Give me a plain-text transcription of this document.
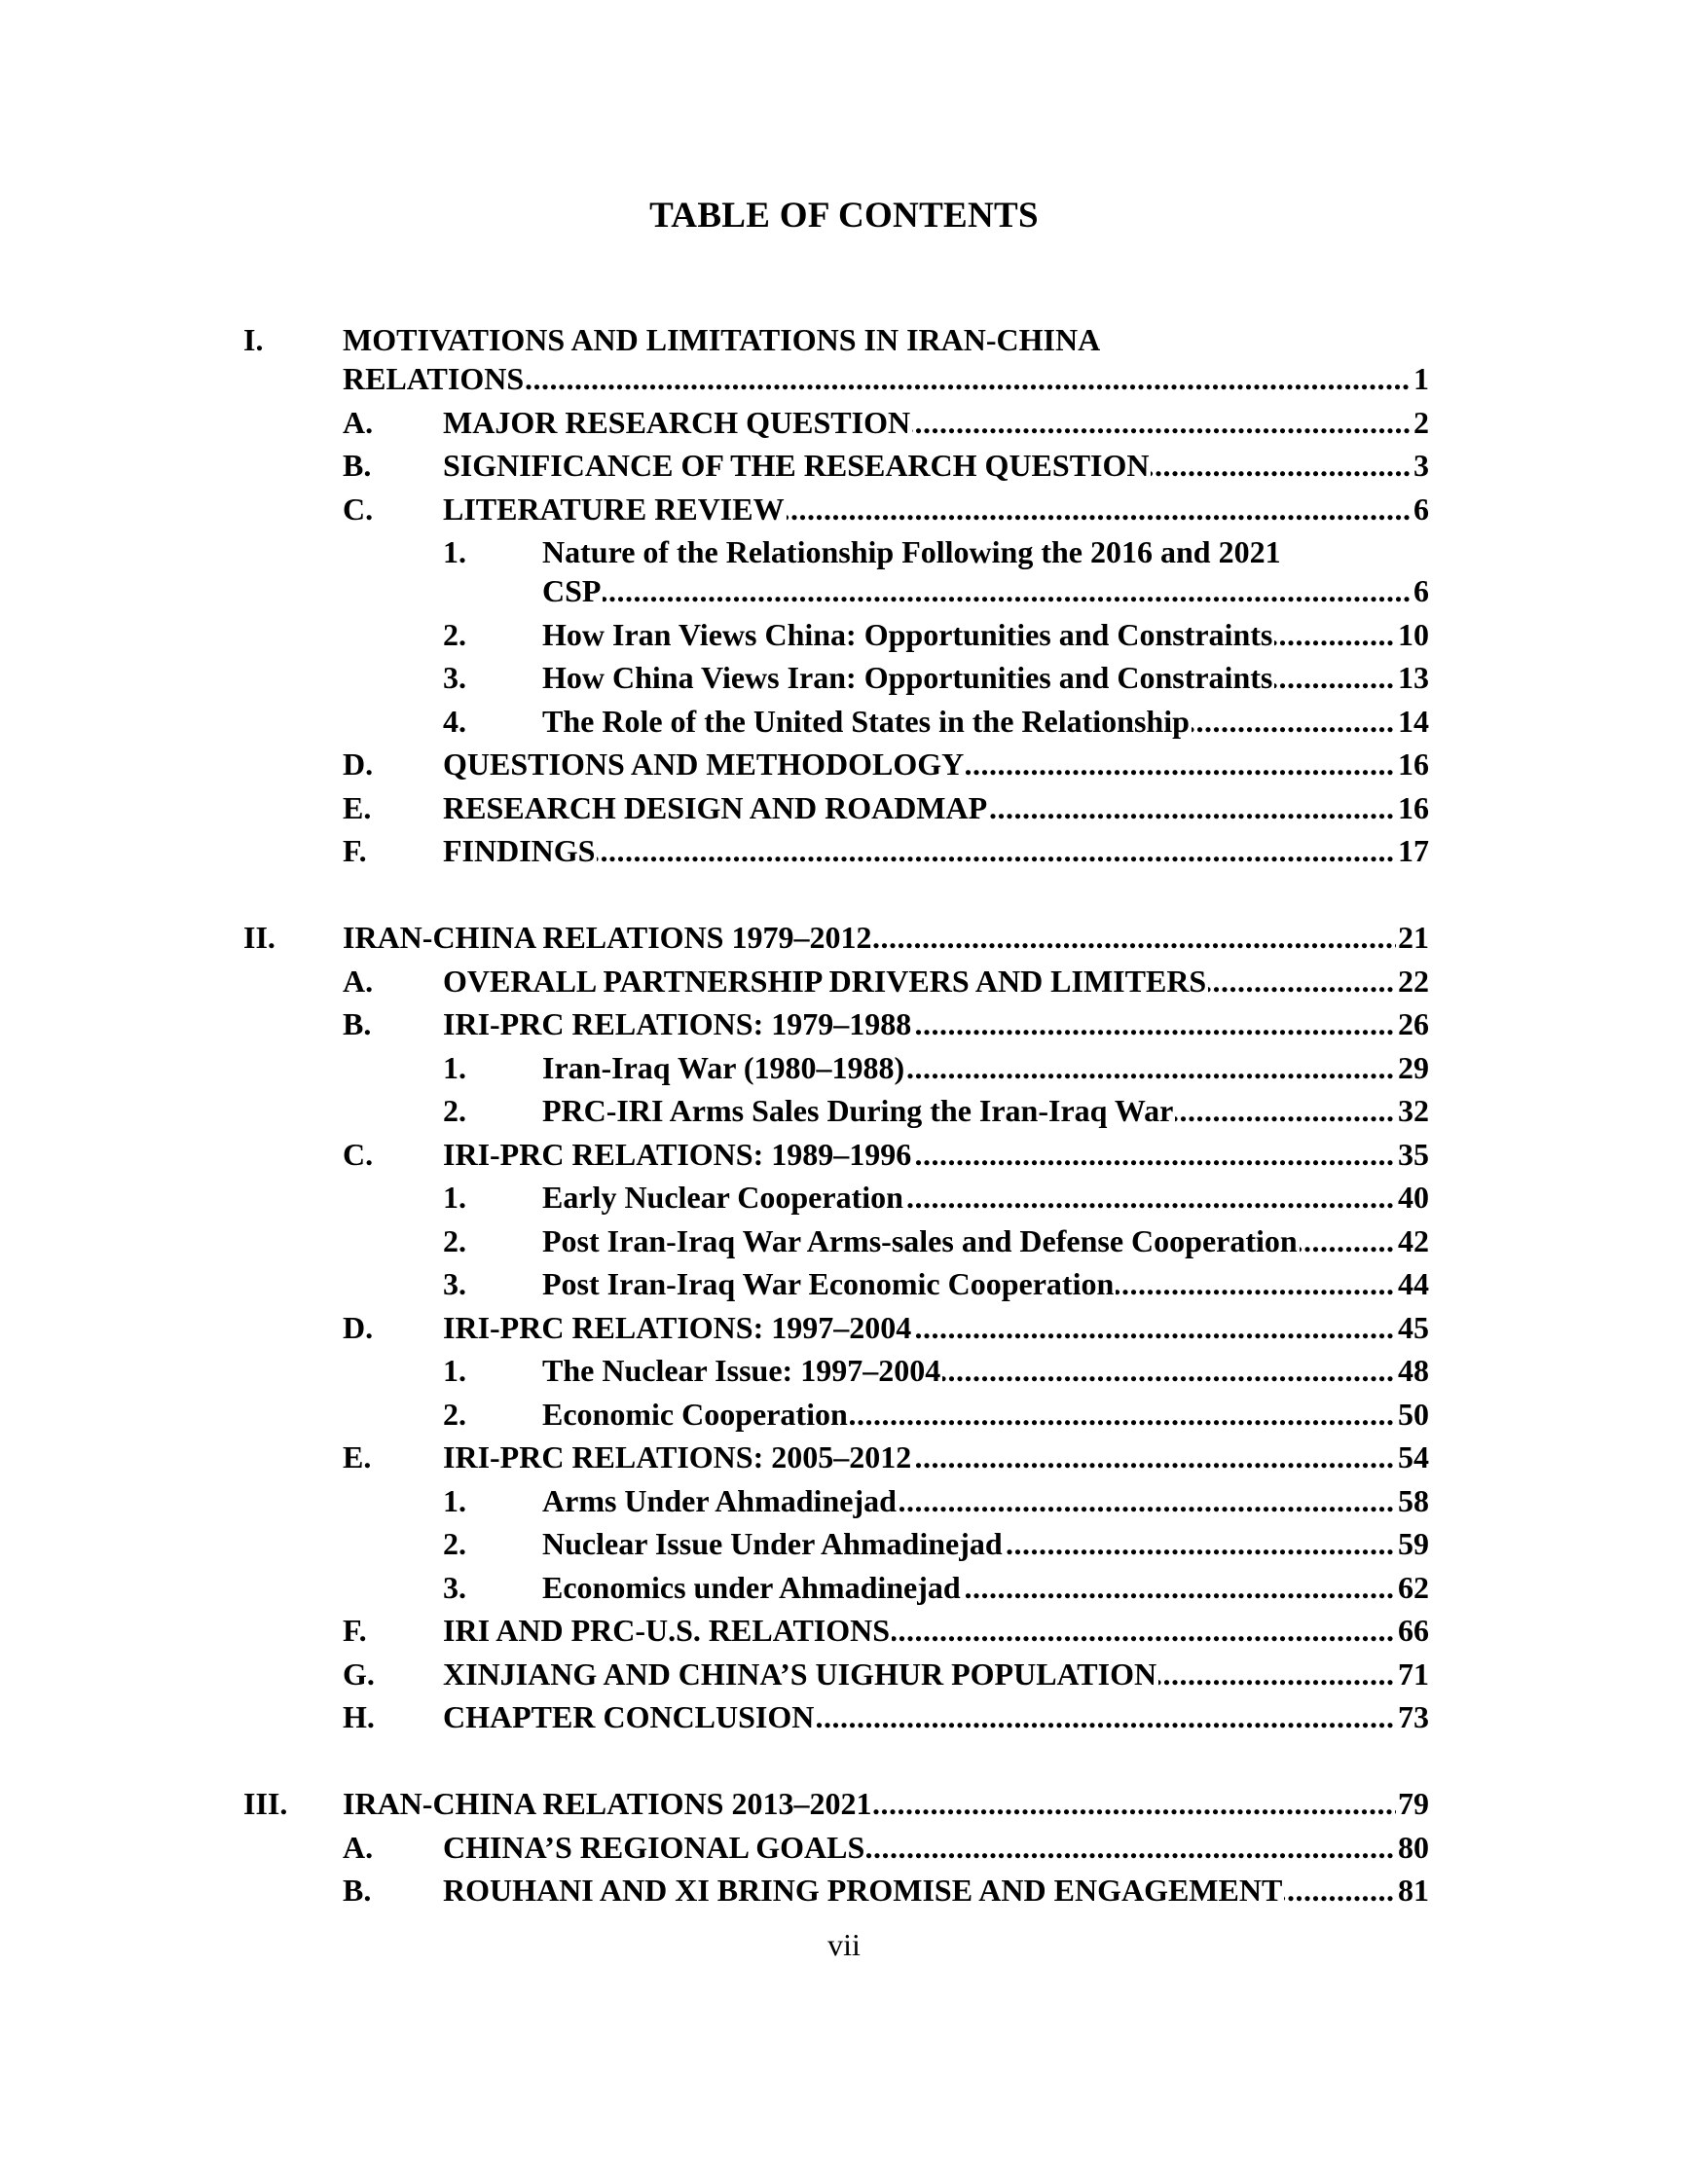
TABLE OF CONTENTS
I.	MOTIVATIONS AND LIMITATIONS IN IRAN-CHINA
.....
RELATIONS	1
A. ..... MAJOR RESEARCH QUESTION	2
B. ..... SIGNIFICANCE OF THE RESEARCH QUESTION	3
C. ..... LITERATURE REVIEW	6
1. Nature of the Relationship Following the 2016 and 2021
.....
CSP	6
2. ..... How Iran Views China: Opportunities and Constraints	10
3. ..... How China Views Iran: Opportunities and Constraints	13
4. ..... The Role of the United States in the Relationship	14
D. ..... QUESTIONS AND METHODOLOGY	16
E. ..... RESEARCH DESIGN AND ROADMAP	16
F. ..... FINDINGS	17
II. ..... IRAN-CHINA RELATIONS 1979–2012	21
A. ..... OVERALL PARTNERSHIP DRIVERS AND LIMITERS	22
B. ..... IRI-PRC RELATIONS: 1979–1988	26
1. ..... Iran-Iraq War (1980–1988)	29
2. ..... PRC-IRI Arms Sales During the Iran-Iraq War	32
C. ..... IRI-PRC RELATIONS: 1989–1996	35
1. ..... Early Nuclear Cooperation	40
2. ..... Post Iran-Iraq War Arms-sales and Defense Cooperation	42
3. ..... Post Iran-Iraq War Economic Cooperation	44
D. ..... IRI-PRC RELATIONS: 1997–2004	45
1. ..... The Nuclear Issue: 1997–2004	48
2. ..... Economic Cooperation	50
E. ..... IRI-PRC RELATIONS: 2005–2012	54
1. ..... Arms Under Ahmadinejad	58
2. ..... Nuclear Issue Under Ahmadinejad	59
3. ..... Economics under Ahmadinejad	62
F. ..... IRI AND PRC-U.S. RELATIONS	66
G. ..... XINJIANG AND CHINA’S UIGHUR POPULATION	71
H. ..... CHAPTER CONCLUSION	73
III. ..... IRAN-CHINA RELATIONS 2013–2021	79
A. ..... CHINA’S REGIONAL GOALS	80
B. ..... ROUHANI AND XI BRING PROMISE AND ENGAGEMENT	81
vii
